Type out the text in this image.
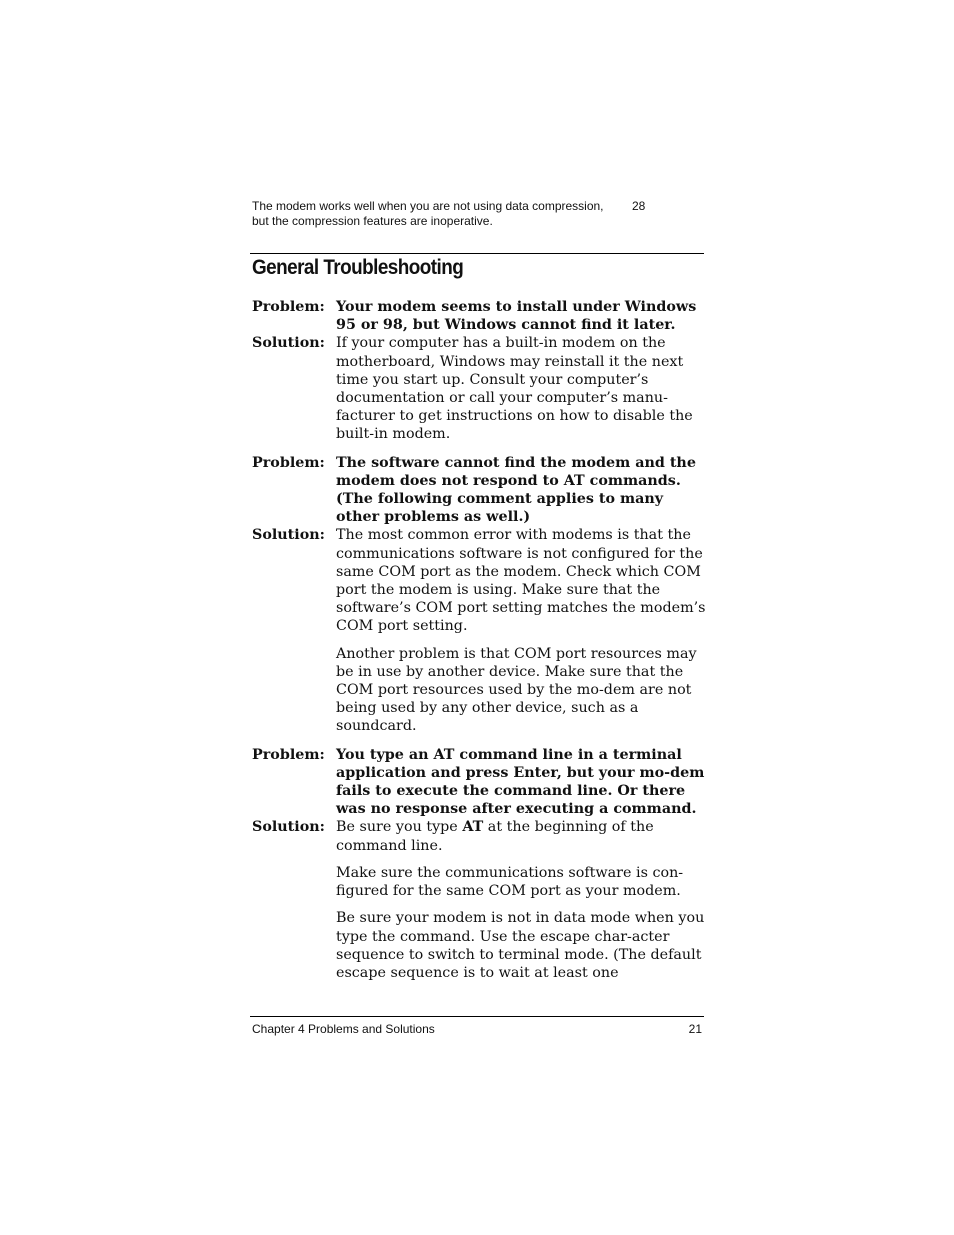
The modem works well when you are not using data compression,
but the compression features are inoperative.
28
General Troubleshooting
Problem: Your modem seems to install under Windows 95 or 98, but Windows cannot find it later.
Solution: If your computer has a built-in modem on the motherboard, Windows may reinstall it the next time you start up. Consult your computer’s documentation or call your computer’s manu-facturer to get instructions on how to disable the built-in modem.
Problem: The software cannot find the modem and the modem does not respond to AT commands. (The following comment applies to many other problems as well.)
Solution: The most common error with modems is that the communications software is not configured for the same COM port as the modem. Check which COM port the modem is using. Make sure that the software’s COM port setting matches the modem’s COM port setting.
Another problem is that COM port resources may be in use by another device. Make sure that the COM port resources used by the mo-dem are not being used by any other device, such as a soundcard.
Problem: You type an AT command line in a terminal application and press Enter, but your mo-dem fails to execute the command line. Or there was no response after executing a command.
Solution: Be sure you type AT at the beginning of the command line.
Make sure the communications software is con-figured for the same COM port as your modem.
Be sure your modem is not in data mode when you type the command. Use the escape char-acter sequence to switch to terminal mode. (The default escape sequence is to wait at least one
Chapter 4 Problems and Solutions	21
